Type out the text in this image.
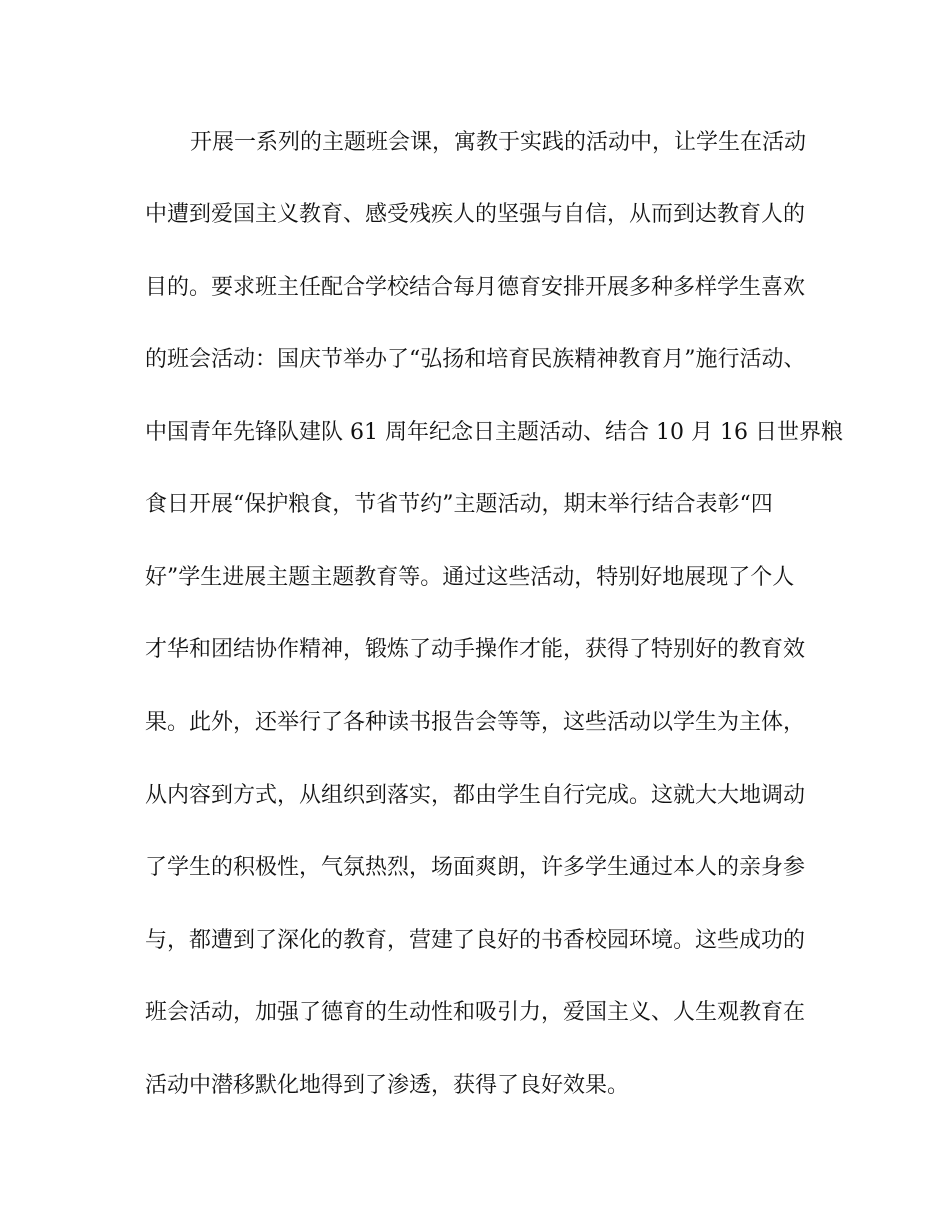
开展一系列的主题班会课，寓教于实践的活动中，让学生在活动
中遭到爱国主义教育、感受残疾人的坚强与自信，从而到达教育人的
目的。要求班主任配合学校结合每月德育安排开展多种多样学生喜欢
的班会活动：国庆节举办了“弘扬和培育民族精神教育月”施行活动、
中国青年先锋队建队 61 周年纪念日主题活动、结合 10 月 16 日世界粮
食日开展“保护粮食，节省节约”主题活动，期末举行结合表彰“四
好”学生进展主题主题教育等。通过这些活动，特别好地展现了个人
才华和团结协作精神，锻炼了动手操作才能，获得了特别好的教育效
果。此外，还举行了各种读书报告会等等，这些活动以学生为主体，
从内容到方式，从组织到落实，都由学生自行完成。这就大大地调动
了学生的积极性，气氛热烈，场面爽朗，许多学生通过本人的亲身参
与，都遭到了深化的教育，营建了良好的书香校园环境。这些成功的
班会活动，加强了德育的生动性和吸引力，爱国主义、人生观教育在
活动中潜移默化地得到了渗透，获得了良好效果。
